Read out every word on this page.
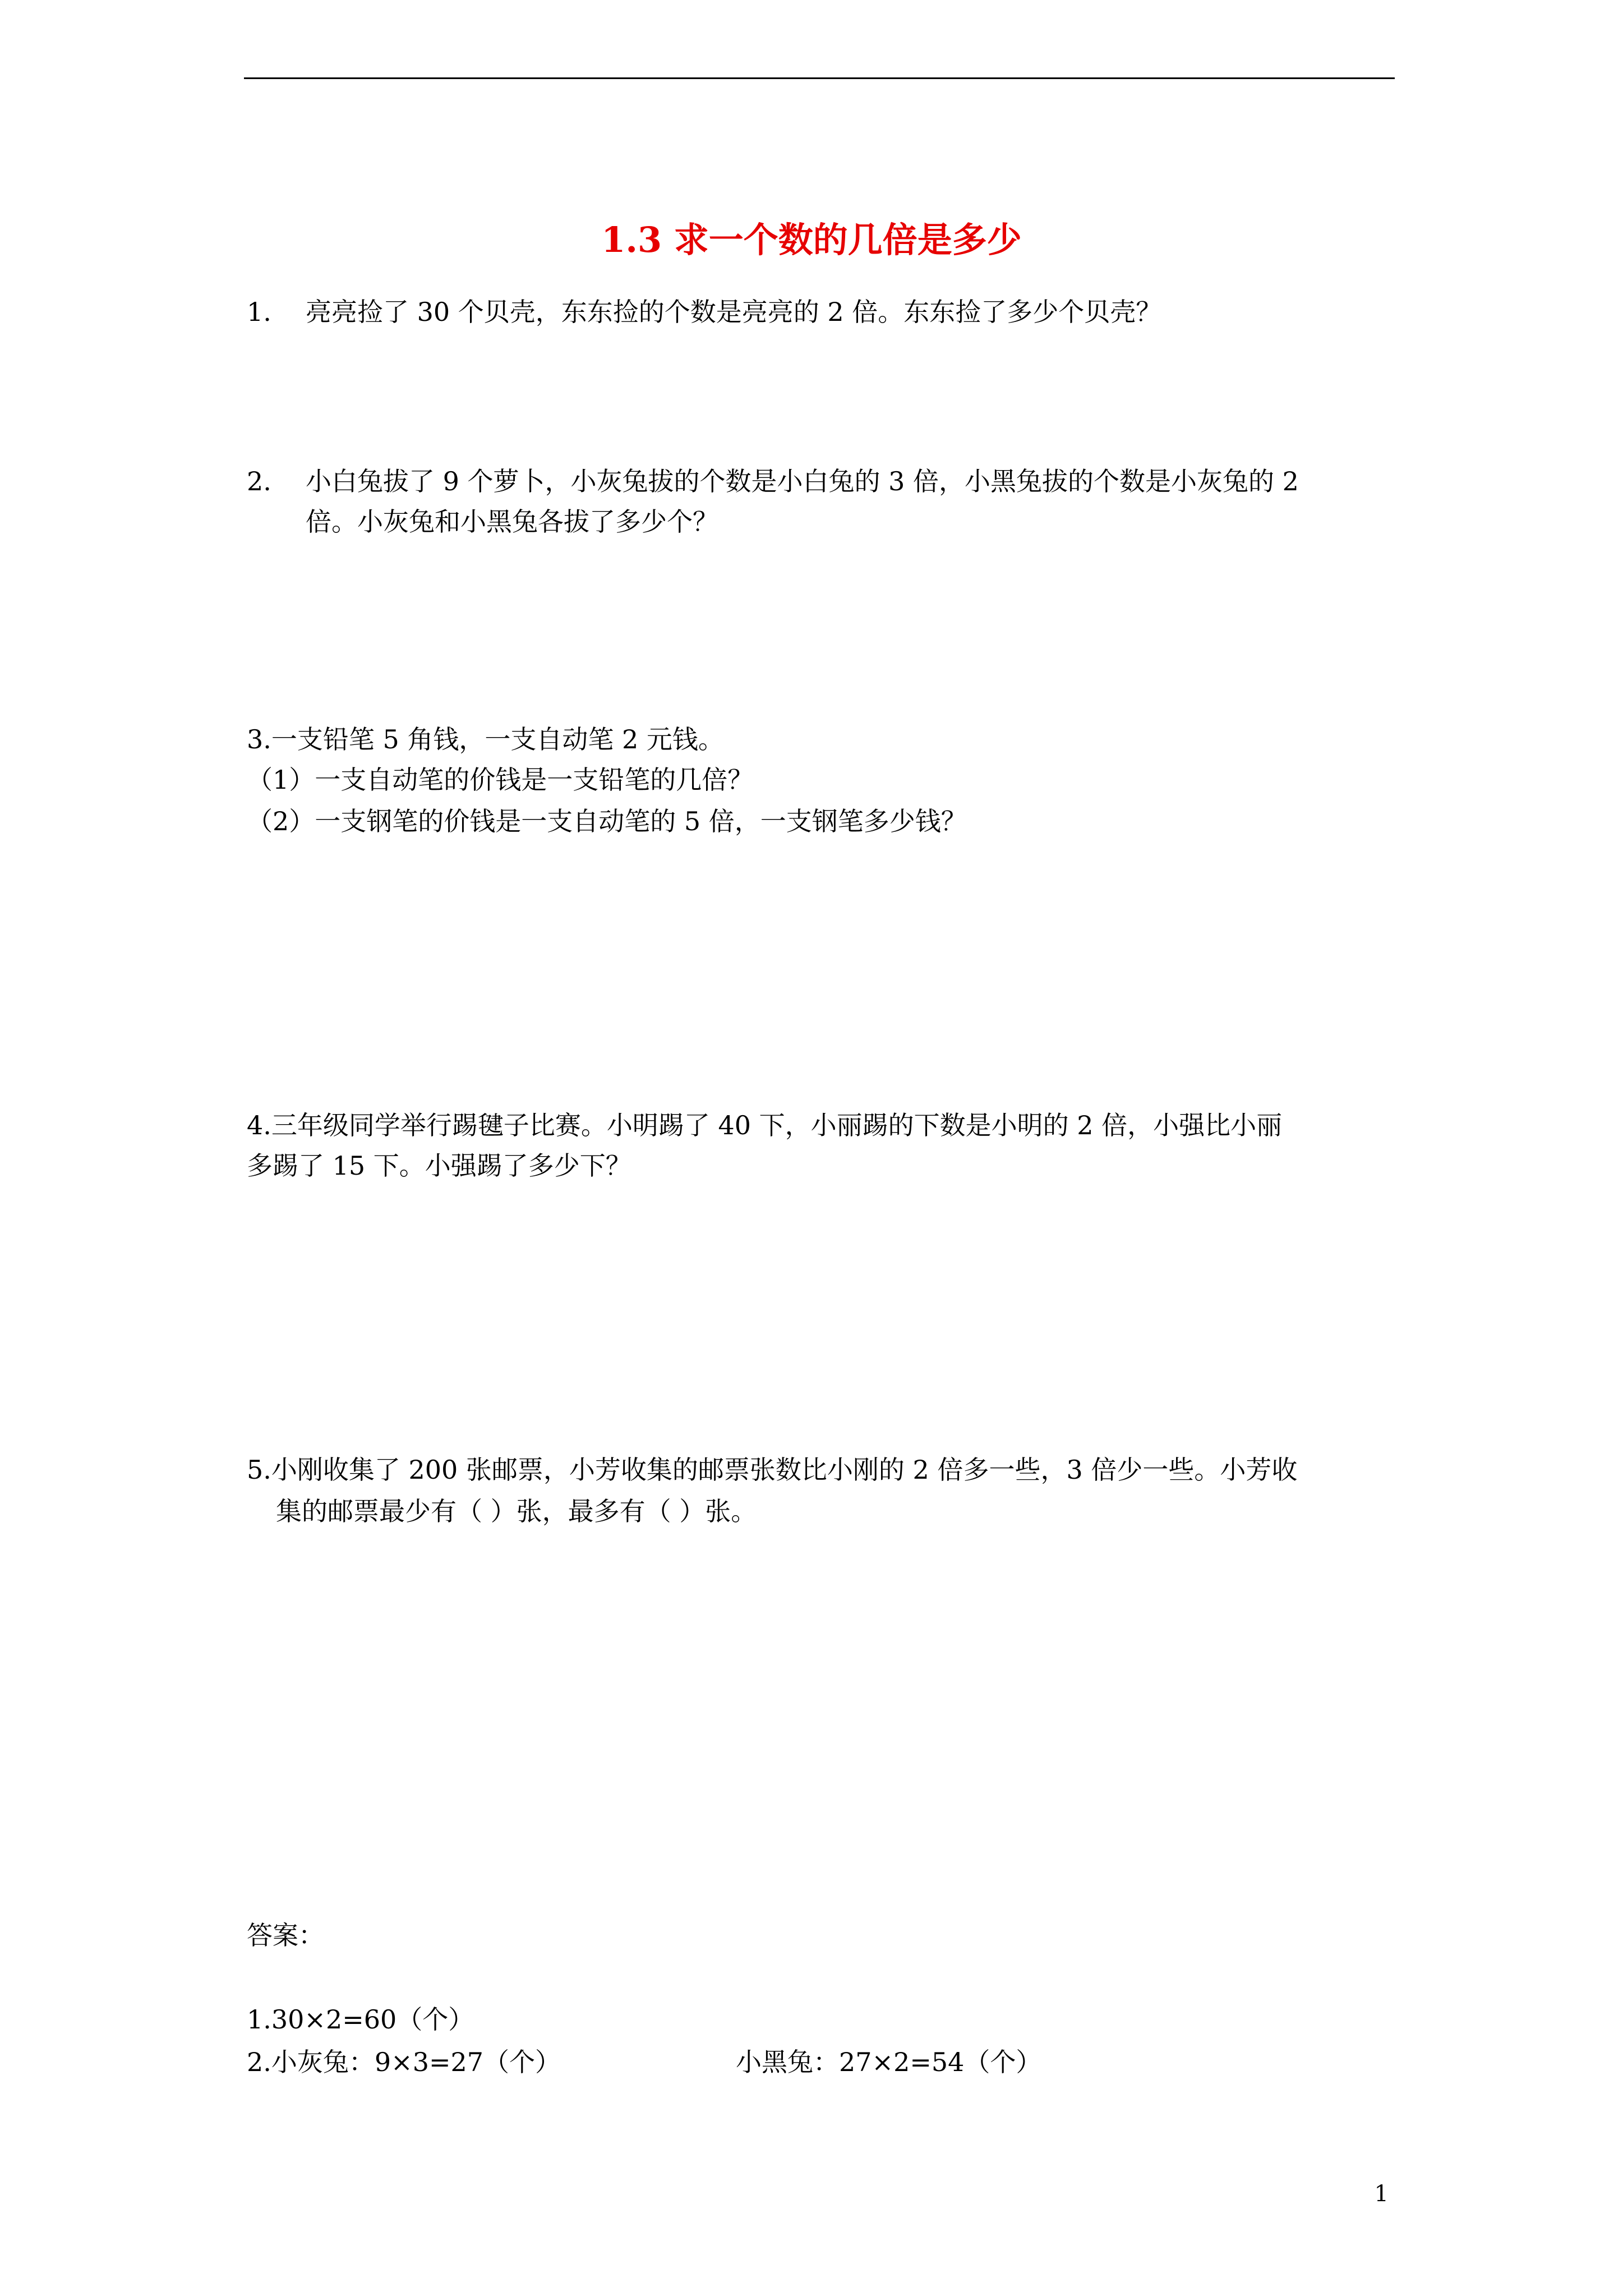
1.3 求一个数的几倍是多少
1. 亮亮捡了 30 个贝壳，东东捡的个数是亮亮的 2 倍。东东捡了多少个贝壳？
2. 小白兔拔了 9 个萝卜，小灰兔拔的个数是小白兔的 3 倍，小黑兔拔的个数是小灰兔的 2
倍。小灰兔和小黑兔各拔了多少个？
3.一支铅笔 5 角钱，一支自动笔 2 元钱。
（1）一支自动笔的价钱是一支铅笔的几倍？
（2）一支钢笔的价钱是一支自动笔的 5 倍，一支钢笔多少钱？
4.三年级同学举行踢毽子比赛。小明踢了 40 下，小丽踢的下数是小明的 2 倍，小强比小丽
多踢了 15 下。小强踢了多少下？
5.小刚收集了 200 张邮票，小芳收集的邮票张数比小刚的 2 倍多一些，3 倍少一些。小芳收
集的邮票最少有（ ）张，最多有（ ）张。
答案：
1.30×2=60（个）
2.小灰兔：9×3=27（个）	小黑兔：27×2=54（个）
1
